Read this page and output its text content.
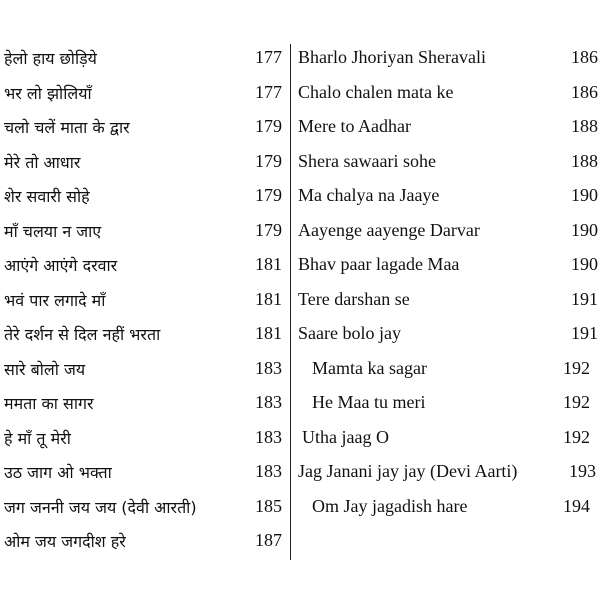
हेलो हाय छोड़िये	177
भर लो झोलियाँ	177
चलो चलें माता के द्वार	179
मेरे तो आधार	179
शेर सवारी सोहे	179
माँ चलया न जाए	179
आएंगे आएंगे दरवार	181
भवं पार लगादे माँ	181
तेरे दर्शन से दिल नहीं भरता	181
सारे बोलो जय	183
ममता का सागर	183
हे माँ तू मेरी	183
उठ जाग ओ भक्ता	183
जग जननी जय जय (देवी आरती)	185
ओम जय जगदीश हरे	187
Bharlo Jhoriyan Sheravali	186
Chalo chalen mata ke	186
Mere to Aadhar	188
Shera sawaari sohe	188
Ma chalya na Jaaye	190
Aayenge aayenge Darvar	190
Bhav paar lagade Maa	190
Tere darshan se	191
Saare bolo jay	191
Mamta ka sagar	192
He Maa tu meri	192
Utha jaag O	192
Jag Janani jay jay (Devi Aarti)	193
Om Jay jagadish hare	194
